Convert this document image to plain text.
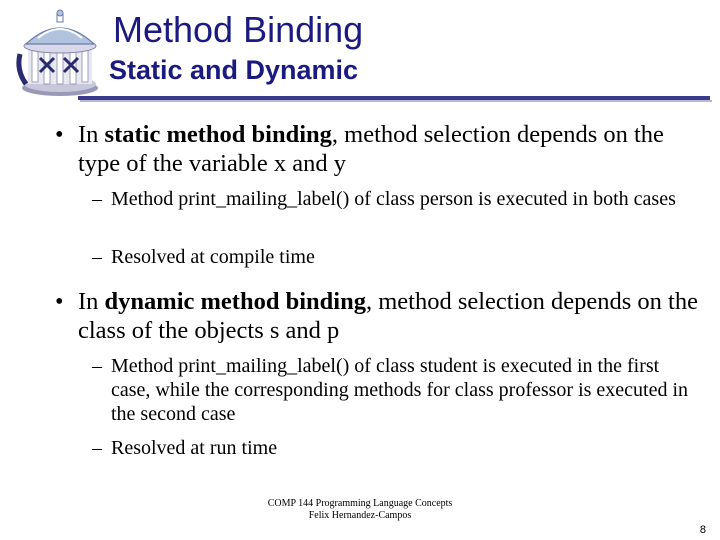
Method Binding
Static and Dynamic
• In static method binding, method selection depends on the type of the variable x and y
– Method print_mailing_label() of class person is executed in both cases
– Resolved at compile time
• In dynamic method binding, method selection depends on the class of the objects s and p
– Method print_mailing_label() of class student is executed in the first case, while the corresponding methods for class professor is executed in the second case
– Resolved at run time
COMP 144 Programming Language Concepts
Felix Hernandez-Campos
8
